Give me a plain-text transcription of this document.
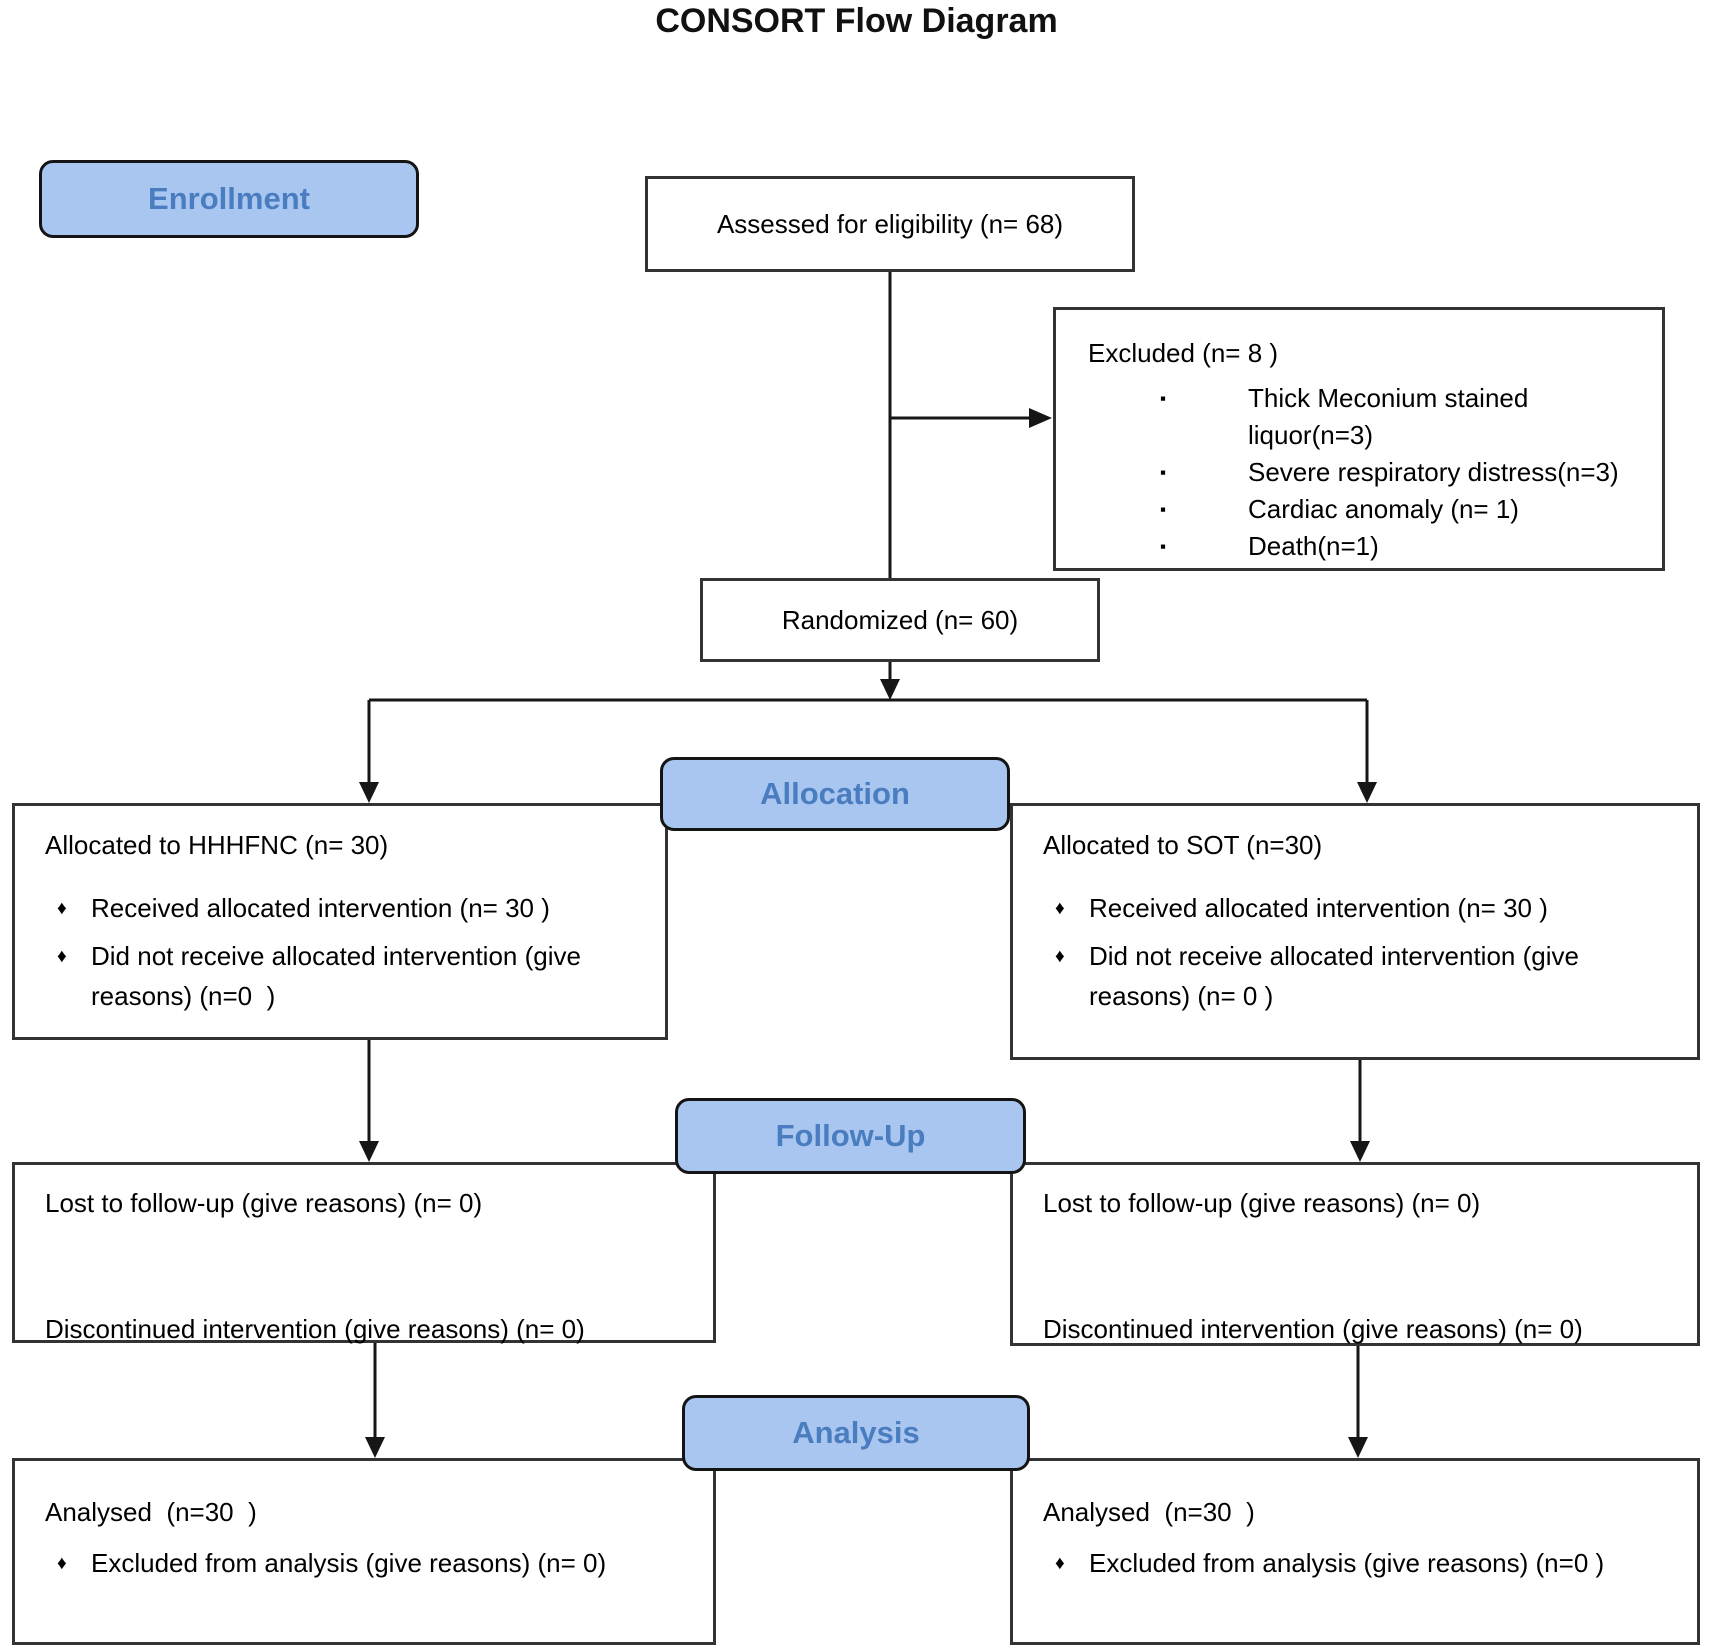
CONSORT Flow Diagram
Enrollment
Allocation
Follow-Up
Analysis
Assessed for eligibility (n= 68)

Excluded (n= 8 )

▪	Thick Meconium stained liquor(n=3)
▪	Severe respiratory distress(n=3)
▪	Cardiac anomaly (n= 1)
▪	Death(n=1)
Randomized (n= 60)

Allocated to HHHFNC (n= 30)

♦ Received allocated intervention (n= 30 )
♦ Did not receive allocated intervention (give reasons) (n=0  )

Allocated to SOT (n=30)

♦ Received allocated intervention (n= 30 )
♦ Did not receive allocated intervention (give reasons) (n= 0 )

Lost to follow-up (give reasons) (n= 0)

Discontinued intervention (give reasons) (n= 0)

Lost to follow-up (give reasons) (n= 0)

Discontinued intervention (give reasons) (n= 0)

Analysed  (n=30  )

♦ Excluded from analysis (give reasons) (n= 0)

Analysed  (n=30  )

♦ Excluded from analysis (give reasons) (n=0 )
